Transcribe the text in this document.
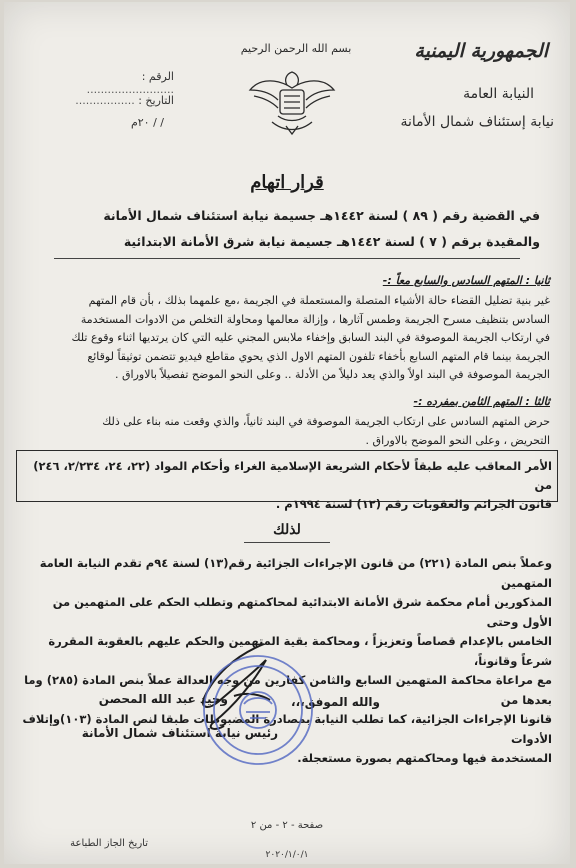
الجمهورية اليمنية
النيابة العامة
نيابة إستئناف شمال الأمانة
بسم الله الرحمن الرحيم
الرقم : .........................
التاريخ : .................
/ / ٢٠م
قرار اتهام
في القضية رقم ( ٨٩ ) لسنة ١٤٤٢هـ جسيمة نيابة استئناف شمال الأمانة
والمقيدة برقم ( ٧ ) لسنة ١٤٤٢هـ جسيمة نيابة شرق الأمانة الابتدائية
ثانيا : المتهم السادس والسابع معاً :-
غير بنية تضليل القضاء حالة الأشياء المتصلة والمستعملة في الجريمة ،مع علمهما بذلك ، بأن قام المتهم
السادس بتنظيف مسرح الجريمة وطمس آثارها ، وإزالة معالمها ومحاولة التخلص من الادوات المستخدمة
في ارتكاب الجريمة الموصوفة في البند السابق وإخفاء ملابس المجني عليه التي كان يرتديها اثناء وقوع تلك
الجريمة بينما قام المتهم السابع بأخفاء تلفون المتهم الاول الذي يحوي مقاطع فيديو تتضمن توثيقاً لوقائع
الجريمة الموصوفة في البند اولاً والذي يعد دليلاً من الأدلة .. وعلى النحو الموضح تفصيلاً بالاوراق .
ثالثا : المتهم الثامن بمفرده :-
حرض المتهم السادس على ارتكاب الجريمة الموصوفة في البند ثانياً، والذي وقعت منه بناء على ذلك
التحريض ، وعلى النحو الموضح بالاوراق .
الأمر المعاقب عليه طبقاً لأحكام الشريعة الإسلامية الغراء وأحكام المواد (٢٢، ٢٤، ٢/٢٣٤، ٢٤٦) من
قانون الجرائم والعقوبات رقم (١٢) لسنة ١٩٩٤م .
لذلك
وعملاً بنص المادة (٢٢١) من قانون الإجراءات الجزائية رقم(١٣) لسنة ٩٤م تقدم النيابة العامة المتهمين
المذكورين أمام محكمة شرق الأمانة الابتدائية لمحاكمتهم وتطلب الحكم على المتهمين من الأول وحتى
الخامس بالإعدام قصاصاً وتعزيزاً ، ومحاكمة بقية المتهمين والحكم عليهم بالعقوبة المقررة شرعاً وقانوناً،
مع مراعاة محاكمة المتهمين السابع والثامن كفارين من وجه العدالة عملاً بنص المادة (٢٨٥) وما بعدها من
قانونا الإجراءات الجزائية، كما تطلب النيابة بمصادرة المضبوطات طبقا لنص المادة (١٠٣)وإتلاف الأدوات
المستخدمة فيها ومحاكمتهم بصورة مستعجلة.
والله الموفق،،،
وحيد عبد الله المحصن
رئيس نيابة استئناف شمال الأمانة
صفحة - ٢ - من ٢
تاريخ الجاز الطباعة
٢٠٢٠/١/٠/١
